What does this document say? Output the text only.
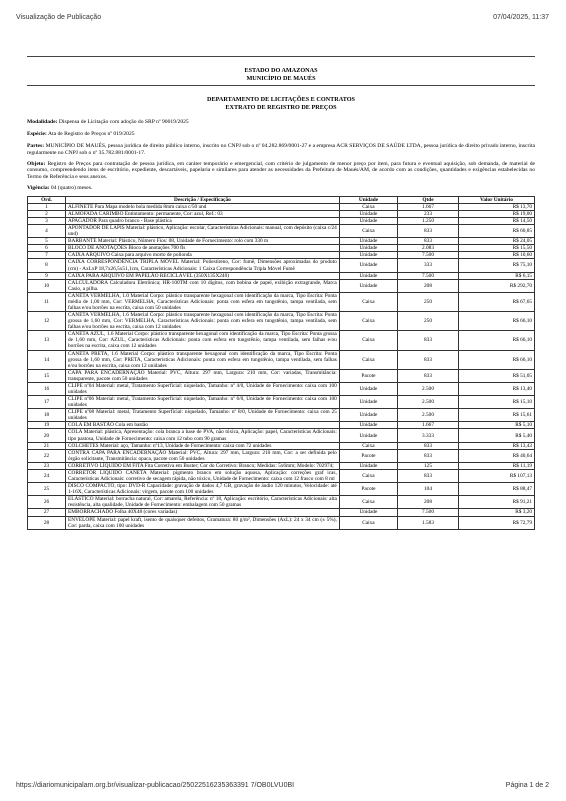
Visualização de Publicação	07/04/2025, 11:37
ESTADO DO AMAZONAS
MUNICÍPIO DE MAUÉS
DEPARTAMENTO DE LICITAÇÕES E CONTRATOS
EXTRATO DE REGISTRO DE PREÇOS

Modalidade: Dispensa de Licitação com adoção do SRP nº 90019/2025

Espécie: Ata de Registro de Preços nº 019/2025

Partes: MUNICÍPIO DE MAUÉS, pessoa jurídica de direito público interno, inscrito no CNPJ sob o nº 04.282.869/0001-27 e a empresa ACR SERVIÇOS DE SAÚDE LTDA, pessoa jurídica de direito privado interno, inscrita regularmente no CNPJ sob o nº 35.782.881/0001-17.

Objeto: Registro de Preços para contratação de pessoa jurídica, em caráter temporário e emergencial, com critério de julgamento de menor preço por item, para futura e eventual aquisição, sob demanda, de material de consumo, compreendendo itens de escritório, expediente, descartáveis, papelaria e similares para atender as necessidades da Prefeitura de Maués/AM, de acordo com as condições, quantidades e exigências estabelecidas no Termo de Referência e seus anexos.

Vigência: 04 (quatro) meses.

Ord.	Descrição / Especificação	Unidade	Qtde	Valor Unitário
1	ALFINETE Para Mapa modelo bola medida 8mm caixa c/50 und	Caixa	1.667	R$ 13,70
2	ALMOFADA CARIMBO Entintamento: permanente, Cor: azul, Ref.: 03	Unidade	233	R$ 19,00
3	APAGADOR Para quadro branco - Base plástica	Unidade	1.250	R$ 14,50
4	APONTADOR DE LAPIS Material: plástico, Aplicação: escolar, Características Adicionais: manual, com depósito (caixa c/24 und)	Caixa	833	R$ 60,85
5	BARBANTE Material: Plástico, Número Fios: 08, Unidade de Fornecimento: rolo com 330 m	Unidade	833	R$ 24,05
6	BLOCO DE ANOTAÇÕES Bloco de anotações 700 fls	Unidade	2.083	R$ 15,50
7	CAIXA ARQUIVO Caixa para arquivo morto de polionda	Unidade	7.500	R$ 10,60
8	CAIXA CORRESPONDÊNCIA TRIPLA MÓVEL Material: Poliestireno, Cor: fumê, Dimensões aproximadas do produto (cm) - AxLxP 18,7x26,5x51,1cm, Características Adicionais: 1 Caixa Correspondência Tripla Móvel Fumê	Unidade	333	R$ 75,10
9	CAIXA PARA ARQUIVO EM PAPELÃO RECICLÁVEL (350X135X240)	Unidade	7.500	R$ 6,15
10	CALCULADORA Calculadora Eletrônica; HR-100TM com 10 dígitos, com bobina de papel, exibição extragrande, Marca Casio, a pilha.	Unidade	208	R$ 292,70
11	CANETA VERMELHA, 1.0 Material Corpo: plástico transparente hexagonal com identificação da marca, Tipo Escrita: Ponta média de 1,00 mm, Cor: VERMELHA, Características Adicionais: ponta com esfera em tungstênio, tampa ventilada, sem falhas e/ou borrões na escrita, caixa com 50 unidades	Caixa	250	R$ 67,65
12	CANETA VERMELHA, 1.6 Material Corpo: plástico transparente hexagonal com identificação da marca, Tipo Escrita: Ponta grossa de 1,60 mm, Cor: VERMELHA, Características Adicionais: ponta com esfera em tungstênio, tampa ventilada, sem falhas e/ou borrões na escrita, caixa com 12 unidades	Caixa	250	R$ 66,10
13	CANETA AZUL, 1.6 Material Corpo: plástico transparente hexagonal com identificação da marca, Tipo Escrita: Ponta grossa de 1,60 mm, Cor: AZUL, Características Adicionais: ponta com esfera em tungstênio, tampa ventilada, sem falhas e/ou borrões na escrita, caixa com 12 unidades	Caixa	833	R$ 66,10
14	CANETA PRETA, 1.6 Material Corpo: plástico transparente hexagonal com identificação da marca, Tipo Escrita: Ponta grossa de 1,60 mm, Cor: PRETA, Características Adicionais: ponta com esfera em tungstênio, tampa ventilada, sem falhas e/ou borrões na escrita, caixa com 12 unidades	Caixa	833	R$ 66,10
15	CAPA PARA ENCADERNAÇÃO Material: PVC, Altura: 297 mm, Largura: 210 mm, Cor: variadas, Transmitância: transparente, pacote com 50 unidades	Pacote	833	R$ 51,05
16	CLIPE nº04 Material: metal, Tratamento Superficial: niquelado, Tamanho: nº 4/0, Unidade de Fornecimento: caixa com 100 unidades	Unidade	2.500	R$ 13,40
17	CLIPE nº06 Material: metal, Tratamento Superficial: niquelado, Tamanho: nº 6/0, Unidade de Fornecimento: caixa com 100 unidades	Unidade	2.500	R$ 15,10
18	CLIPE nº08 Material: metal, Tratamento Superficial: niquelado, Tamanho: nº 8/0, Unidade de Fornecimento: caixa com 25 unidades	Unidade	2.500	R$ 15,61
19	COLA EM BASTÃO Cola em bastão	Unidade	1.667	R$ 5,10
20	COLA Material: plástica, Apresentação: cola branca a base de PVA, não tóxica, Aplicação: papel, Características Adicionais: tipo pastosa, Unidade de Fornecimento: caixa com 12 tubo com 90 gramas	Unidade	3.333	R$ 5,40
21	COLCHETES Material: aço, Tamanho: nº13, Unidade de Fornecimento: caixa com 72 unidades	Caixa	833	R$ 13,43
22	CONTRA CAPA PARA ENCADERNAÇÃO Material: PVC, Altura: 297 mm, Largura: 210 mm, Cor: a ser definida pelo órgão solicitante, Transmitância: opaca, pacote com 50 unidades	Pacote	833	R$ 40,64
23	CORRETIVO LÍQUIDO EM FITA Fita Corretiva em Buster; Cor do Corretivo: Branco; Medidas: 5x6mm; Modelo: 702974;	Unidade	125	R$ 11,19
24	CORRETOR LIQUIDO CANETA Material: pigmento branco em solução aquosa, Aplicação: correções graf icas, Características Adicionais: corretivo de secagem rápida, não tóxico, Unidade de Fornecimento: caixa com 12 frasco com 8 ml	Caixa	833	R$ 107,13
25	DISCO COMPACTO, tipo: DVD-R Capacidade: gravação de dados 4,7 GB, gravação de áudio 120 minutos, Velocidade: até 1-16X, Características Adicionais: virgem, pacote com 100 unidades	Pacote	104	R$ 88,47
26	ELÁSTICO Material: borracha natural, Cor: amarela, Referência: nº 18, Aplicação: escritório, Características Adicionais: alta resistência, alta qualidade, Unidade de Fornecimento: embalagem com 50 gramas	Caixa	208	R$ 91,21
27	EMBORRACHADO Folha 40X48 (cores variadas)	Unidade	7.500	R$ 3,20
28	ENVELOPE Material: papel kraft, isento de quaisquer defeitos, Gramatura: 80 g/m², Dimensões (AxL): 24 x 34 cm (± 5%), Cor: parda, caixa com 100 unidades	Caixa	1.583	R$ 72,79
https://diariomunicipalam.org.br/visualizar-publicacao/25022516235363391 7/OB0LVU0BI	Página 1 de 2
